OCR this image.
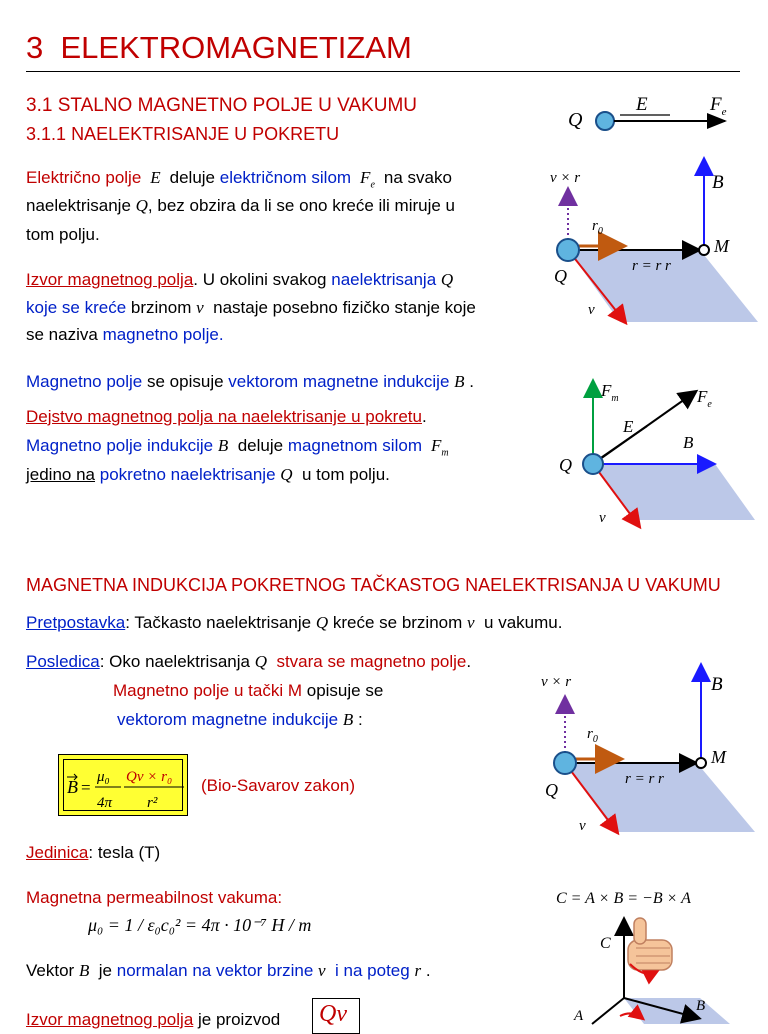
3 ELEKTROMAGNETIZAM
3.1 STALNO MAGNETNO POLJE U VAKUMU
3.1.1 NAELEKTRISANJE U POKRETU
Električno polje E deluje električnom silom $F_e$ na svako
naelektrisanje Q, bez obzira da li se ono kreće ili miruje u
tom polju.
Izvor magnetnog polja. U okolini svakog naelektrisanja Q
koje se kreće brzinom v nastaje posebno fizičko stanje koje
se naziva magnetno polje.
Magnetno polje se opisuje vektorom magnetne indukcije B .
Dejstvo magnetnog polja na naelektrisanje u pokretu.
Magnetno polje indukcije B deluje magnetnom silom $F_m$
jedino na pokretno naelektrisanje Q u tom polju.
MAGNETNA INDUKCIJA POKRETNOG TAČKASTOG NAELEKTRISANJA U VAKUMU
Pretpostavka: Tačkasto naelektrisanje Q kreće se brzinom v u vakumu.
Posledica: Oko naelektrisanja Q stvara se magnetno polje.
Magnetno polje u tački M opisuje se
vektorom magnetne indukcije B :
B =
μ₀
4π
Qv × r₀
r²
(Bio-Savarov zakon)
Jedinica: tesla (T)
Magnetna permeabilnost vakuma:
μ₀ = 1 / ε₀c₀² = 4π · 10⁻⁷ H / m
Vektor B je normalan na vektor brzine v i na poteg r .
Izvor magnetnog polja je proizvod Qv
Q
E	$F_e$
v × r
$r_0$
r = r r
v
Q
B
M
$F_m$	$F_e$
E
B
v
Q
v × r
$r_0$
r = r r
v
Q
B
M
C = A × B = −B × A
C
B
A
